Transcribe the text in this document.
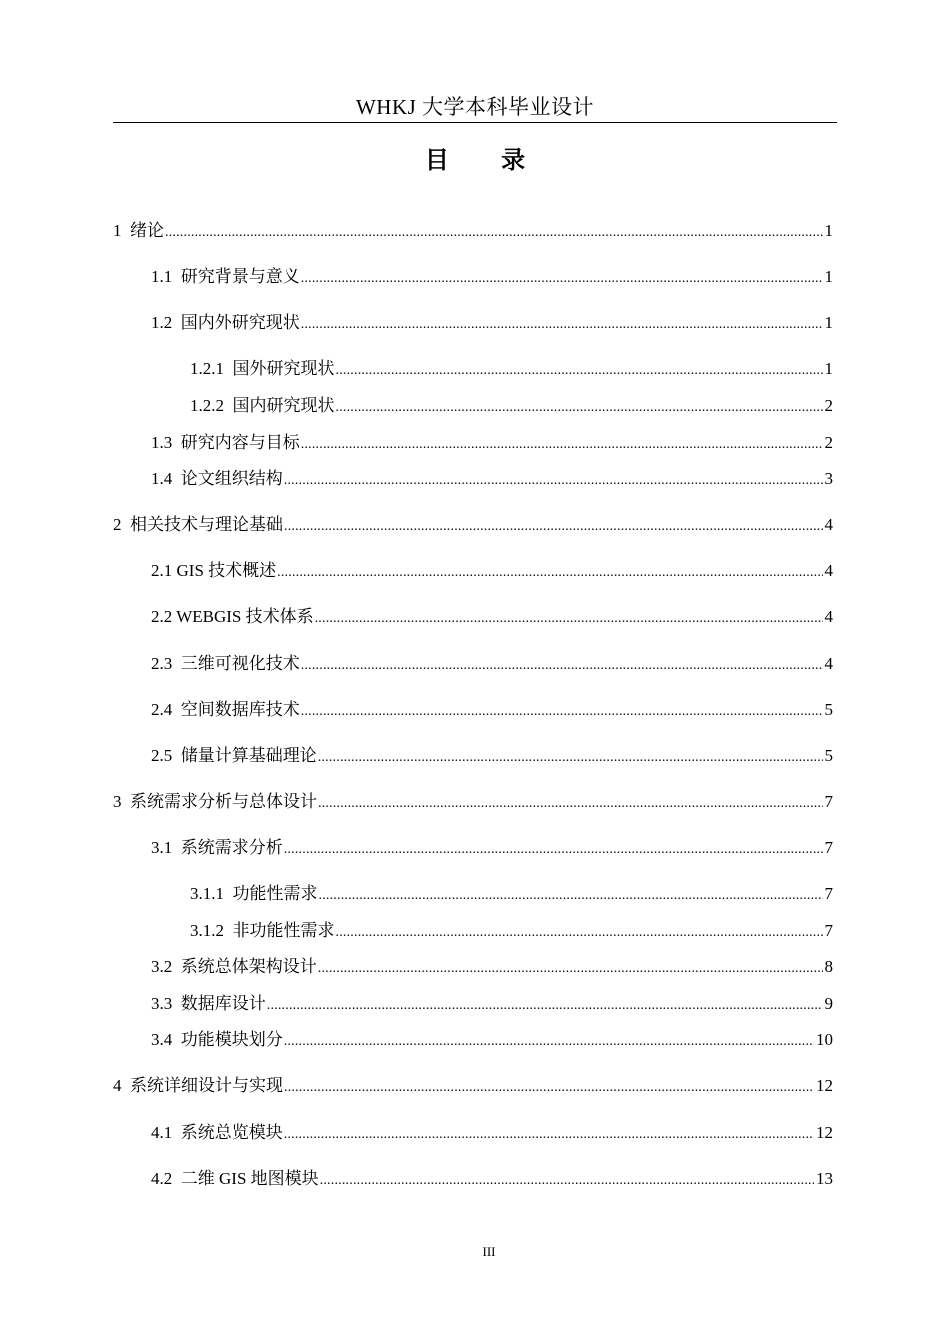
WHKJ 大学本科毕业设计
目 录
1  绪论 .....	1
1.1  研究背景与意义 .....	1
1.2  国内外研究现状 .....	1
1.2.1  国外研究现状 .....	1
1.2.2  国内研究现状 .....	2
1.3  研究内容与目标 .....	2
1.4  论文组织结构 .....	3
2  相关技术与理论基础 .....	4
2.1 GIS 技术概述 .....	4
2.2 WEBGIS 技术体系 .....	4
2.3  三维可视化技术 .....	4
2.4  空间数据库技术 .....	5
2.5  储量计算基础理论 .....	5
3  系统需求分析与总体设计 .....	7
3.1  系统需求分析 .....	7
3.1.1  功能性需求 .....	7
3.1.2  非功能性需求 .....	7
3.2  系统总体架构设计 .....	8
3.3  数据库设计 .....	9
3.4  功能模块划分 .....	10
4  系统详细设计与实现 .....	12
4.1  系统总览模块 .....	12
4.2  二维 GIS 地图模块 .....	13
III
